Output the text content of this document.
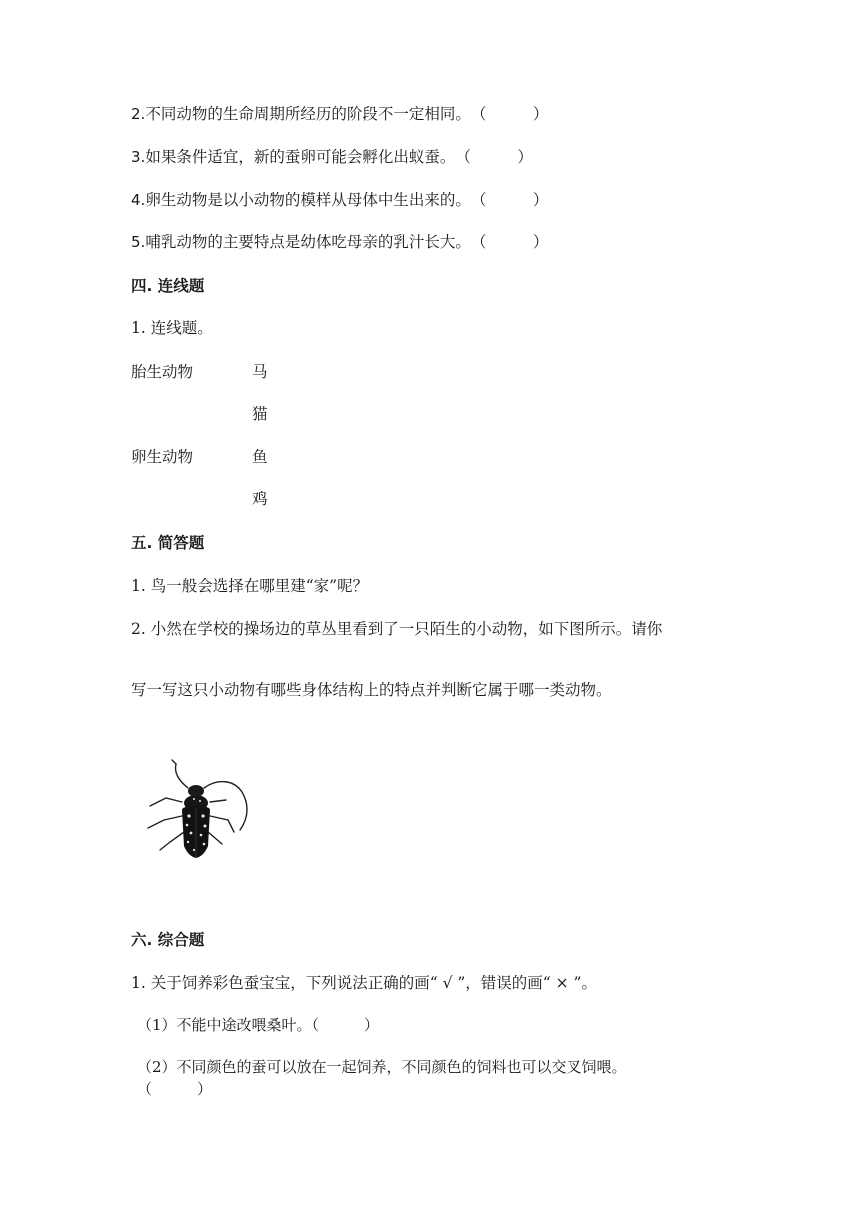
2.不同动物的生命周期所经历的阶段不一定相同。（　　　）
3.如果条件适宜，新的蚕卵可能会孵化出蚁蚕。（　　　）
4.卵生动物是以小动物的模样从母体中生出来的。（　　　）
5.哺乳动物的主要特点是幼体吃母亲的乳汁长大。（　　　）
四. 连线题
1. 连线题。
胎生动物
卵生动物
马
猫
鱼
鸡
五. 简答题
1. 鸟一般会选择在哪里建“家”呢？
2. 小然在学校的操场边的草丛里看到了一只陌生的小动物，如下图所示。请你
写一写这只小动物有哪些身体结构上的特点并判断它属于哪一类动物。
六. 综合题
1. 关于饲养彩色蚕宝宝，下列说法正确的画“ √ ”，错误的画“ × ”。
（1）不能中途改喂桑叶。（　　　）
（2）不同颜色的蚕可以放在一起饲养，不同颜色的饲料也可以交叉饲喂。
（　　　）
